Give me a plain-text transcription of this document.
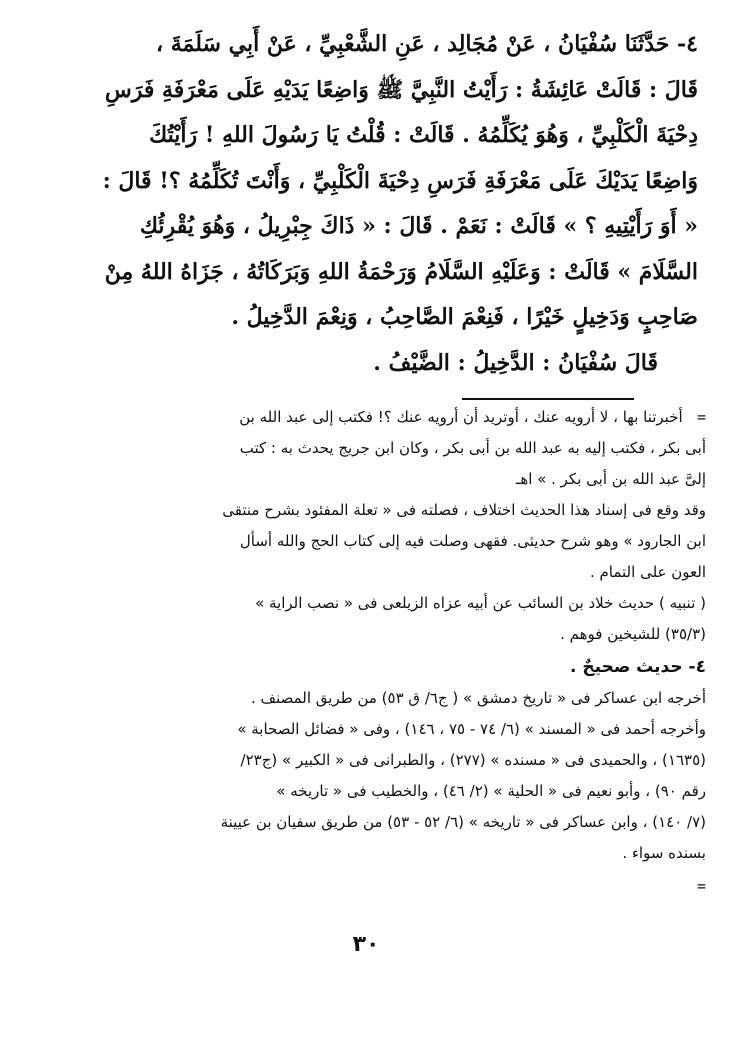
٤- حَدَّثَنَا سُفْيَانُ ، عَنْ مُجَالِد ، عَنِ الشَّعْبِيِّ ، عَنْ أَبِي سَلَمَةَ ،
قَالَ : قَالَتْ عَائِشَةُ : رَأَيْتُ النَّبِيَّ ﷺ وَاضِعًا يَدَيْهِ عَلَى مَعْرَفَةِ فَرَسِ
دِحْيَةَ الْكَلْبِيِّ ، وَهُوَ يُكَلِّمُهُ . قَالَتْ : قُلْتُ يَا رَسُولَ اللهِ ! رَأَيْتُكَ
وَاضِعًا يَدَيْكَ عَلَى مَعْرَفَةِ فَرَسِ دِحْيَةَ الْكَلْبِيِّ ، وَأَنْتَ تُكَلِّمُهُ ؟! قَالَ :
« أَوَ رَأَيْتِيهِ ؟ » قَالَتْ : نَعَمْ . قَالَ : « ذَاكَ جِبْرِيلُ ، وَهُوَ يُقْرِئُكِ
السَّلَامَ » قَالَتْ : وَعَلَيْهِ السَّلَامُ وَرَحْمَةُ اللهِ وَبَرَكَاتُهُ ، جَزَاهُ اللهُ مِنْ
صَاحِبٍ وَدَخِيلٍ خَيْرًا ، فَنِعْمَ الصَّاحِبُ ، وَنِعْمَ الدَّخِيلُ .
قَالَ سُفْيَانُ : الدَّخِيلُ : الضَّيْفُ .

=   أخبرتنا بها ، لا أرويه عنك ، أوتريد أن أرويه عنك ؟! فكتب إلى عبد الله بن
أبى بكر ، فكتب إليه به عبد الله بن أبى بكر ، وكان ابن جريج يحدث به : كتب
إلىَّ عبد الله بن أبى بكر . » اهـ

وقد وقع فى إسناد هذا الحديث اختلاف ، فصلته فى « تعلة المفئود بشرح منتقى
ابن الجارود » وهو شرح حديثى. فقهى وصلت فيه إلى كتاب الحج والله أسأل
العون على التمام .

( تنبيه ) حديث خلاد بن السائب عن أبيه عزاه الزيلعى فى « نصب الراية »
(٣٥/٣) للشيخين فوهم .

٤- حديث صحيحٌ .

أخرجه ابن عساكر فى « تاريخ دمشق » ( ج٦/ ق ٥٣) من طريق المصنف .
وأخرجه أحمد فى « المسند » (٦/ ٧٤ - ٧٥ ، ١٤٦) ، وفى « فضائل الصحابة »
(١٦٣٥) ، والحميدى فى « مسنده » (٢٧٧) ، والطبرانى فى « الكبير » (ج٢٣/
رقم ٩٠) ، وأبو نعيم فى « الحلية » (٢/ ٤٦) ، والخطيب فى « تاريخه »
(٧/ ١٤٠) ، وابن عساكر فى « تاريخه » (٦/ ٥٢ - ٥٣) من طريق سفيان بن عيينة
بسنده سواء .

=
٣٠
